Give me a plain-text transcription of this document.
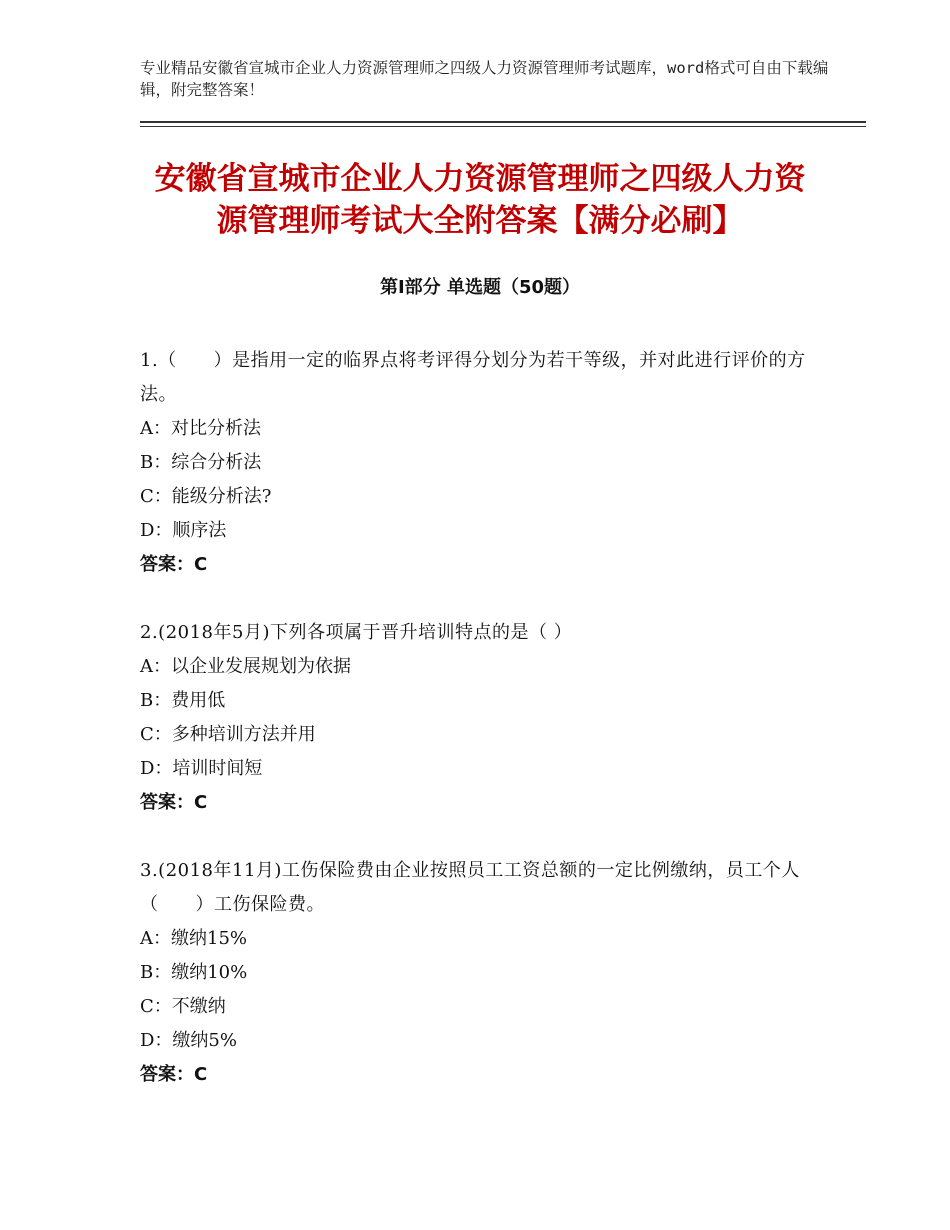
专业精品安徽省宣城市企业人力资源管理师之四级人力资源管理师考试题库，word格式可自由下载编辑，附完整答案！
安徽省宣城市企业人力资源管理师之四级人力资源管理师考试大全附答案【满分必刷】
第Ⅰ部分 单选题（50题）

1.（　　）是指用一定的临界点将考评得分划分为若干等级，并对此进行评价的方法。

A：对比分析法

B：综合分析法

C：能级分析法?

D：顺序法

答案：C

2.(2018年5月)下列各项属于晋升培训特点的是（ ）

A：以企业发展规划为依据

B：费用低

C：多种培训方法并用

D：培训时间短

答案：C

3.(2018年11月)工伤保险费由企业按照员工工资总额的一定比例缴纳，员工个人（　　）工伤保险费。

A：缴纳15%

B：缴纳10%

C：不缴纳

D：缴纳5%

答案：C
